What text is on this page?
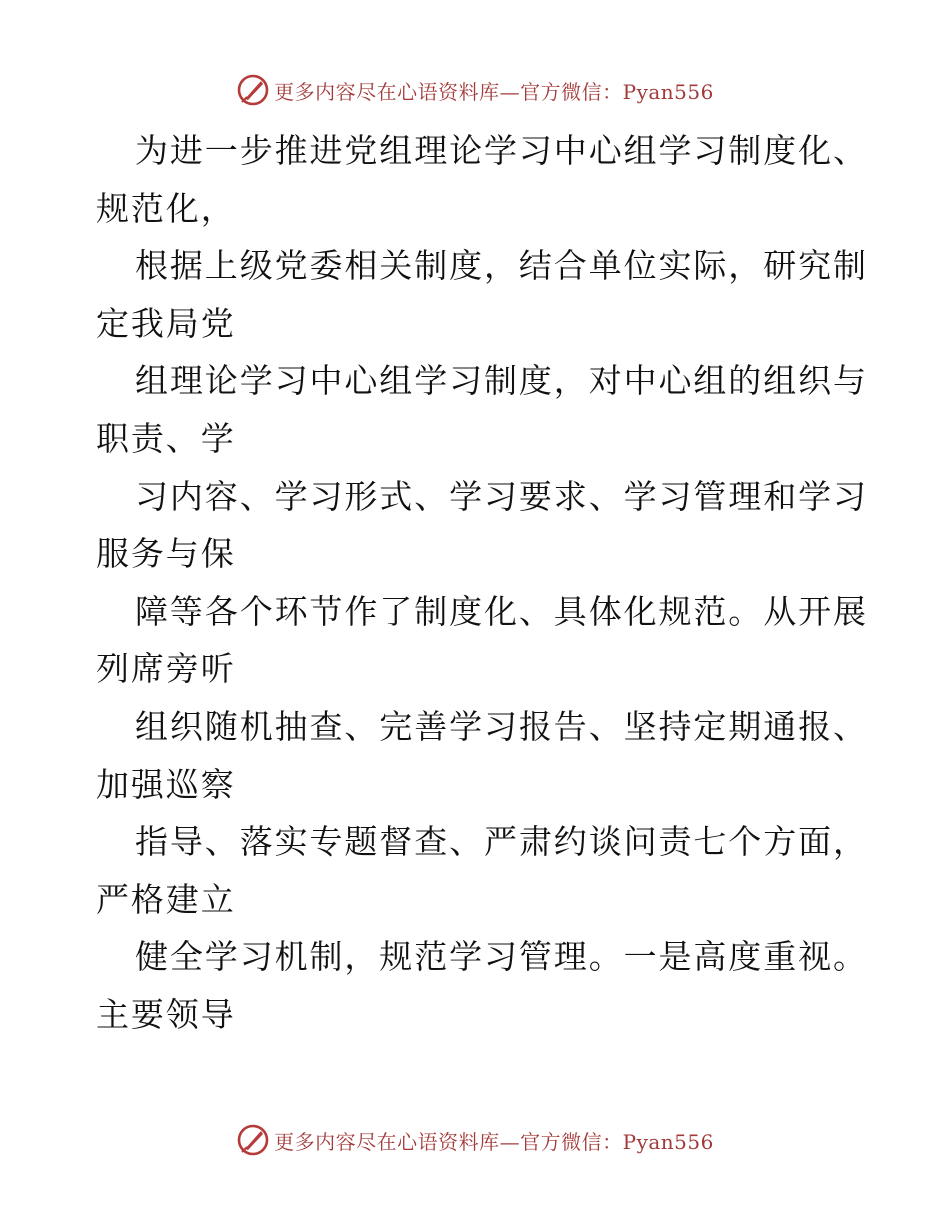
更多内容尽在心语资料库—官方微信：Pyan556
为进一步推进党组理论学习中心组学习制度化、
规范化，
根据上级党委相关制度，结合单位实际，研究制
定我局党
组理论学习中心组学习制度，对中心组的组织与
职责、学
习内容、学习形式、学习要求、学习管理和学习
服务与保
障等各个环节作了制度化、具体化规范。从开展
列席旁听
组织随机抽查、完善学习报告、坚持定期通报、
加强巡察
指导、落实专题督查、严肃约谈问责七个方面，
严格建立
健全学习机制，规范学习管理。一是高度重视。
主要领导
更多内容尽在心语资料库—官方微信：Pyan556
